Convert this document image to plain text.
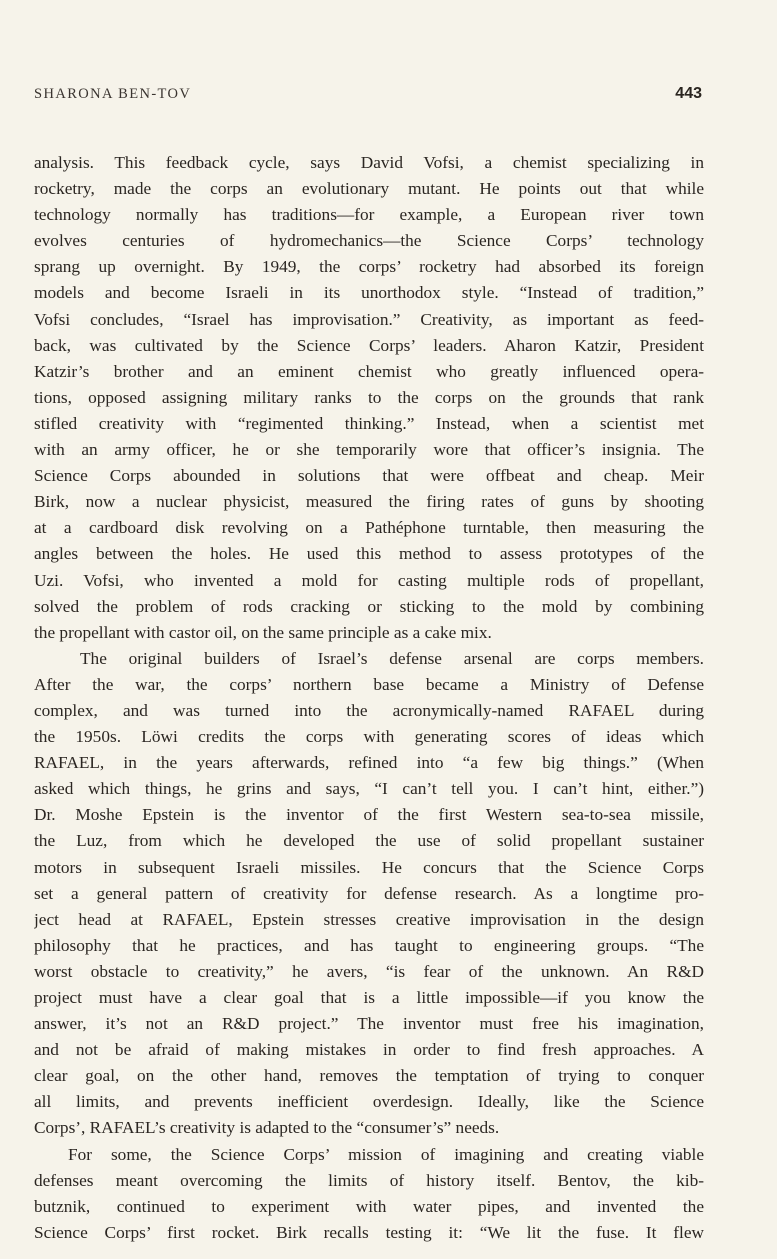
SHARONA BEN-TOV	443
analysis. This feedback cycle, says David Vofsi, a chemist specializing in
rocketry, made the corps an evolutionary mutant. He points out that while
technology normally has traditions—for example, a European river town
evolves centuries of hydromechanics—the Science Corps’ technology
sprang up overnight. By 1949, the corps’ rocketry had absorbed its foreign
models and become Israeli in its unorthodox style. “Instead of tradition,”
Vofsi concludes, “Israel has improvisation.” Creativity, as important as feed-
back, was cultivated by the Science Corps’ leaders. Aharon Katzir, President
Katzir’s brother and an eminent chemist who greatly influenced opera-
tions, opposed assigning military ranks to the corps on the grounds that rank
stifled creativity with “regimented thinking.” Instead, when a scientist met
with an army officer, he or she temporarily wore that officer’s insignia. The
Science Corps abounded in solutions that were offbeat and cheap. Meir
Birk, now a nuclear physicist, measured the firing rates of guns by shooting
at a cardboard disk revolving on a Pathéphone turntable, then measuring the
angles between the holes. He used this method to assess prototypes of the
Uzi. Vofsi, who invented a mold for casting multiple rods of propellant,
solved the problem of rods cracking or sticking to the mold by combining
the propellant with castor oil, on the same principle as a cake mix.
The original builders of Israel’s defense arsenal are corps members.
After the war, the corps’ northern base became a Ministry of Defense
complex, and was turned into the acronymically-named RAFAEL during
the 1950s. Löwi credits the corps with generating scores of ideas which
RAFAEL, in the years afterwards, refined into “a few big things.” (When
asked which things, he grins and says, “I can’t tell you. I can’t hint, either.”)
Dr. Moshe Epstein is the inventor of the first Western sea-to-sea missile,
the Luz, from which he developed the use of solid propellant sustainer
motors in subsequent Israeli missiles. He concurs that the Science Corps
set a general pattern of creativity for defense research. As a longtime pro-
ject head at RAFAEL, Epstein stresses creative improvisation in the design
philosophy that he practices, and has taught to engineering groups. “The
worst obstacle to creativity,” he avers, “is fear of the unknown. An R&D
project must have a clear goal that is a little impossible—if you know the
answer, it’s not an R&D project.” The inventor must free his imagination,
and not be afraid of making mistakes in order to find fresh approaches. A
clear goal, on the other hand, removes the temptation of trying to conquer
all limits, and prevents inefficient overdesign. Ideally, like the Science
Corps’, RAFAEL’s creativity is adapted to the “consumer’s” needs.
For some, the Science Corps’ mission of imagining and creating viable
defenses meant overcoming the limits of history itself. Bentov, the kib-
butznik, continued to experiment with water pipes, and invented the
Science Corps’ first rocket. Birk recalls testing it: “We lit the fuse. It flew
